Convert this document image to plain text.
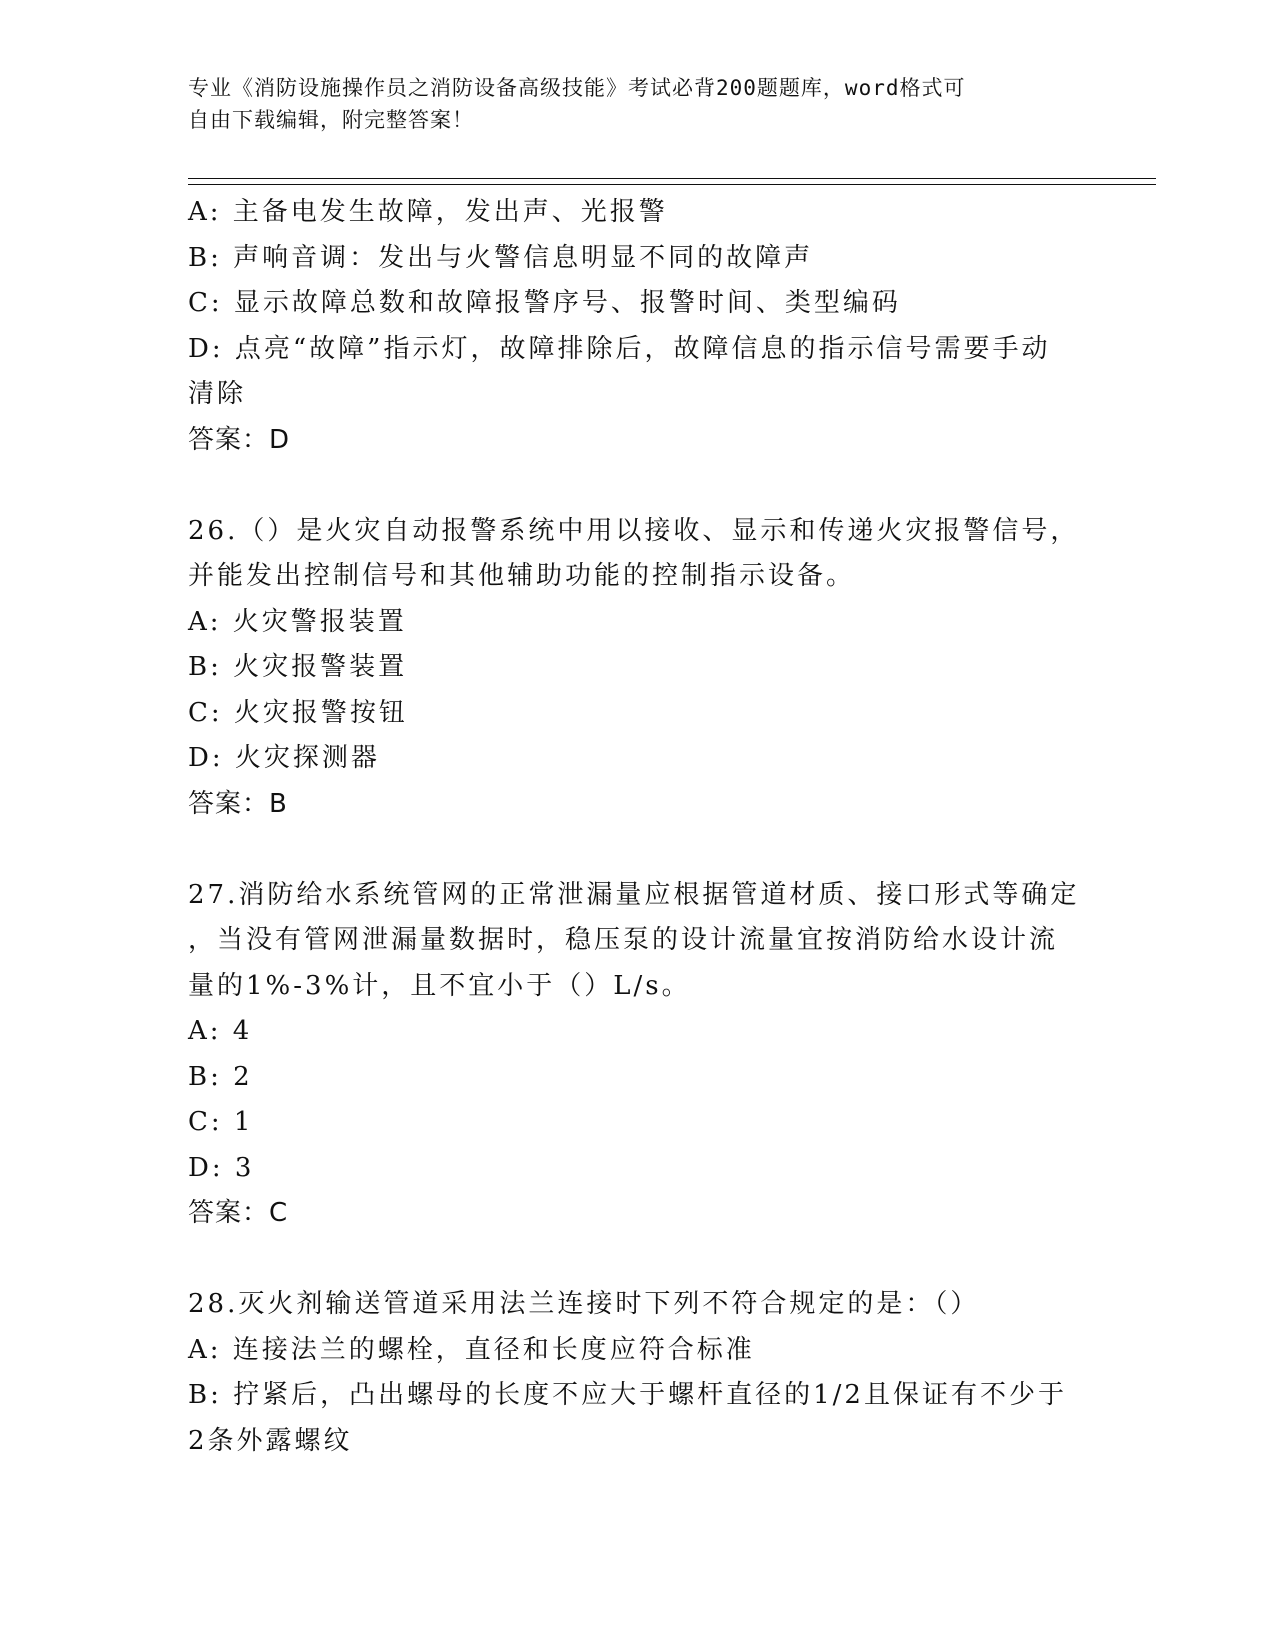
专业《消防设施操作员之消防设备高级技能》考试必背200题题库，word格式可
自由下载编辑，附完整答案！
A: 主备电发生故障，发出声、光报警
B: 声响音调：发出与火警信息明显不同的故障声
C: 显示故障总数和故障报警序号、报警时间、类型编码
D: 点亮“故障”指示灯，故障排除后，故障信息的指示信号需要手动
清除
答案：D
26.（）是火灾自动报警系统中用以接收、显示和传递火灾报警信号，
并能发出控制信号和其他辅助功能的控制指示设备。
A: 火灾警报装置
B: 火灾报警装置
C: 火灾报警按钮
D: 火灾探测器
答案：B
27.消防给水系统管网的正常泄漏量应根据管道材质、接口形式等确定
，当没有管网泄漏量数据时，稳压泵的设计流量宜按消防给水设计流
量的1%-3%计，且不宜小于（）L/s。
A: 4
B: 2
C: 1
D: 3
答案：C
28.灭火剂输送管道采用法兰连接时下列不符合规定的是：（）
A: 连接法兰的螺栓，直径和长度应符合标准
B: 拧紧后，凸出螺母的长度不应大于螺杆直径的1/2且保证有不少于
2条外露螺纹
